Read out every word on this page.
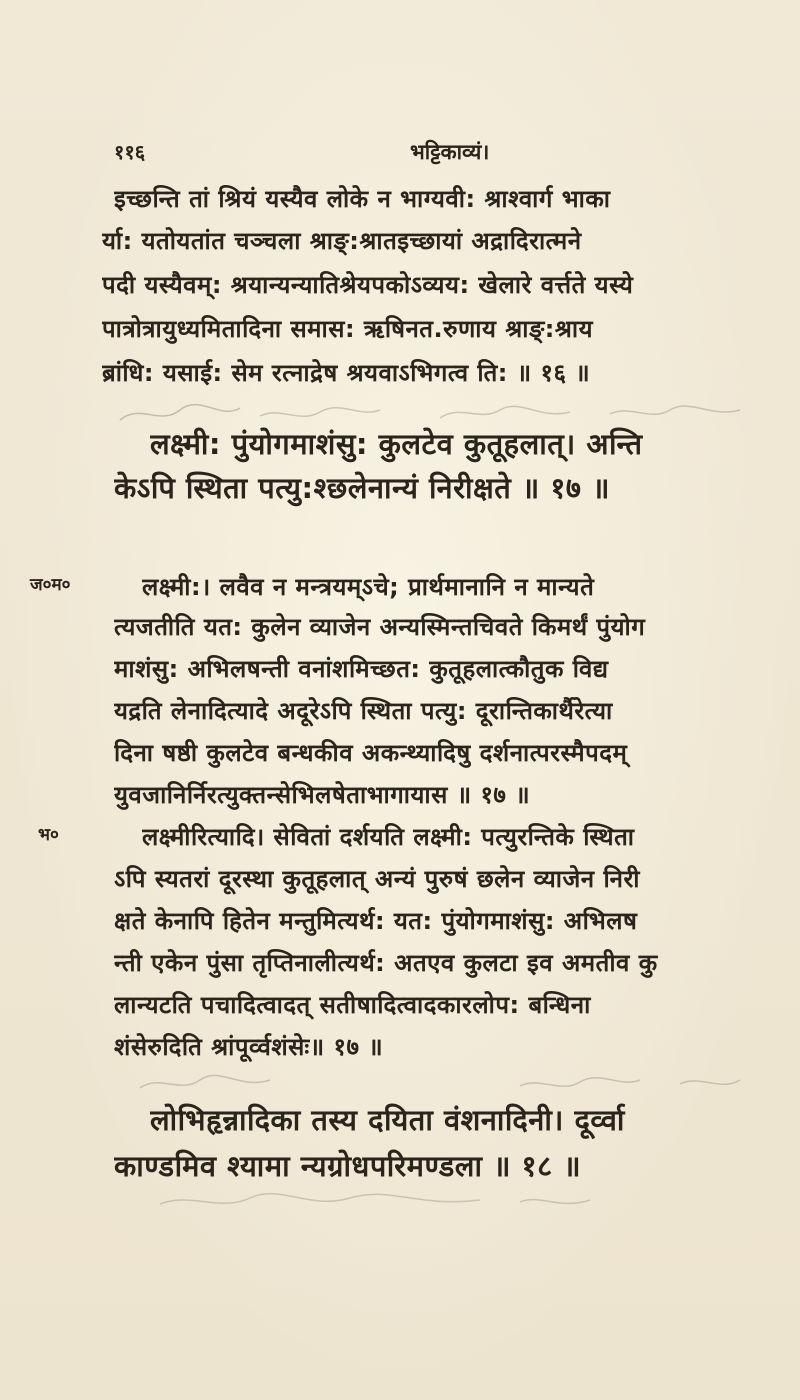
११६	भट्टिकाव्यं।
इच्छन्ति तां श्रियं यस्यैव लोके न भाग्यवी: श्राश्वार्ग भाका
र्या: यतोयतांत चञ्चला श्राङ्:श्रातइच्छायां अद्रादिरात्मने
पदी यस्यैवम्: श्रयान्यन्यातिश्रेयपकोऽव्यय: खेलारे वर्त्तते यस्ये
पात्रोत्रायुध्यमितादिना समास: ऋषिनत.रुणाय श्राङ्:श्राय
ब्रांधि: यसाई: सेम रत्नाद्रेष श्रयवाऽभिगत्व ति: ॥ १६ ॥
लक्ष्मी: पुंयोगमाशंसु: कुलटेव कुतूहलात्। अन्ति
केऽपि स्थिता पत्यु:श्छलेनान्यं निरीक्षते ॥ १७ ॥
ज०म०	लक्ष्मी:। लवैव न मन्त्रयम्ऽचे; प्रार्थमानानि न मान्यते
त्यजतीति यत: कुलेन व्याजेन अन्यस्मिन्तचिवते किमर्थं पुंयोग
माशंसु: अभिलषन्ती वनांशमिच्छत: कुतूहलात्कौतुक विद्य
यद्रति लेनादित्यादे अदूरेऽपि स्थिता पत्यु: दूरान्तिकार्थैरेत्या
दिना षष्ठी कुलटेव बन्धकीव अकन्थ्यादिषु दर्शनात्परस्मैपदम्
युवजानिर्निरत्युक्तन्सेभिलषेताभागायास ॥ १७ ॥
भ०	लक्ष्मीरित्यादि। सेवितां दर्शयति लक्ष्मी: पत्युरन्तिके स्थिता
ऽपि स्यतरां दूरस्था कुतूहलात् अन्यं पुरुषं छलेन व्याजेन निरी
क्षते केनापि हितेन मन्तुमित्यर्थ: यत: पुंयोगमाशंसु: अभिलष
न्ती एकेन पुंसा तृप्तिनालीत्यर्थ: अतएव कुलटा इव अमतीव कु
लान्यटति पचादित्वादत् सतीषादित्वादकारलोप: बन्धिना
शंसेरुदिति श्रांपूर्व्वशंसेः॥ १७ ॥
लोभिहृन्नादिका तस्य दयिता वंशनादिनी। दूर्व्वा
काण्डमिव श्यामा न्यग्रोधपरिमण्डला ॥ १८ ॥
